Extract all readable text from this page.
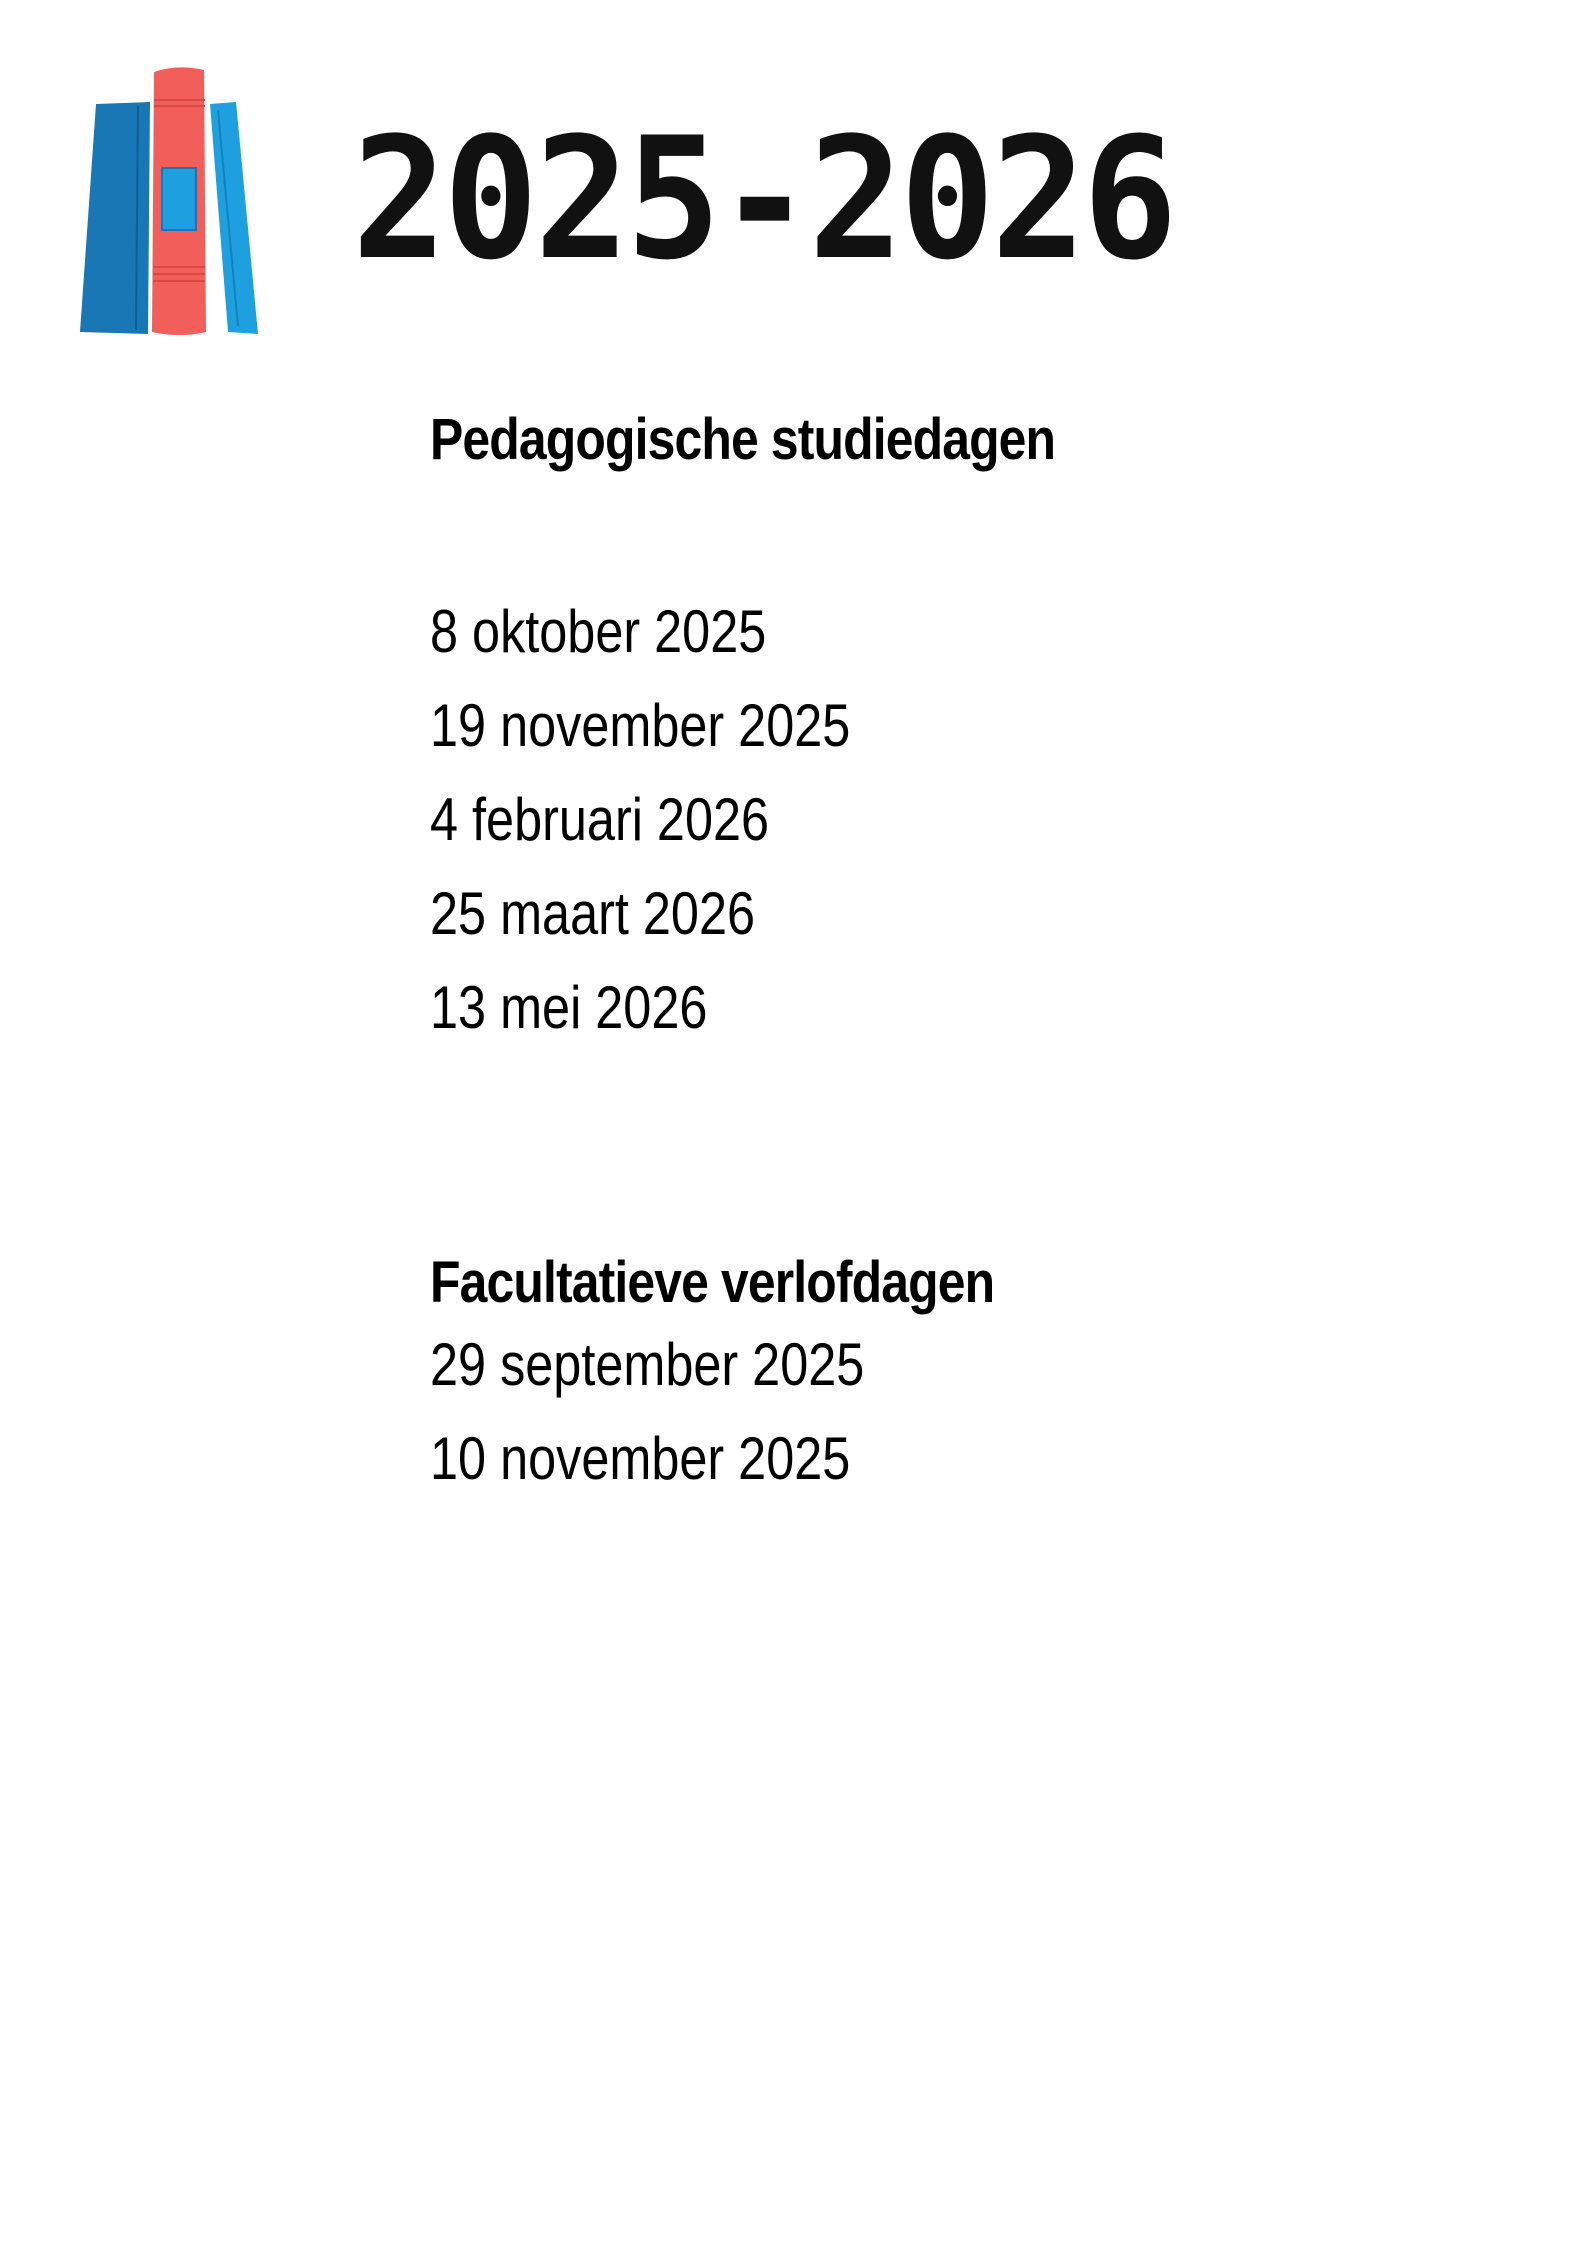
2025-2026
Pedagogische studiedagen
8 oktober 2025
19 november 2025
4 februari 2026
25 maart 2026
13 mei 2026
Facultatieve verlofdagen
29 september 2025
10 november 2025
